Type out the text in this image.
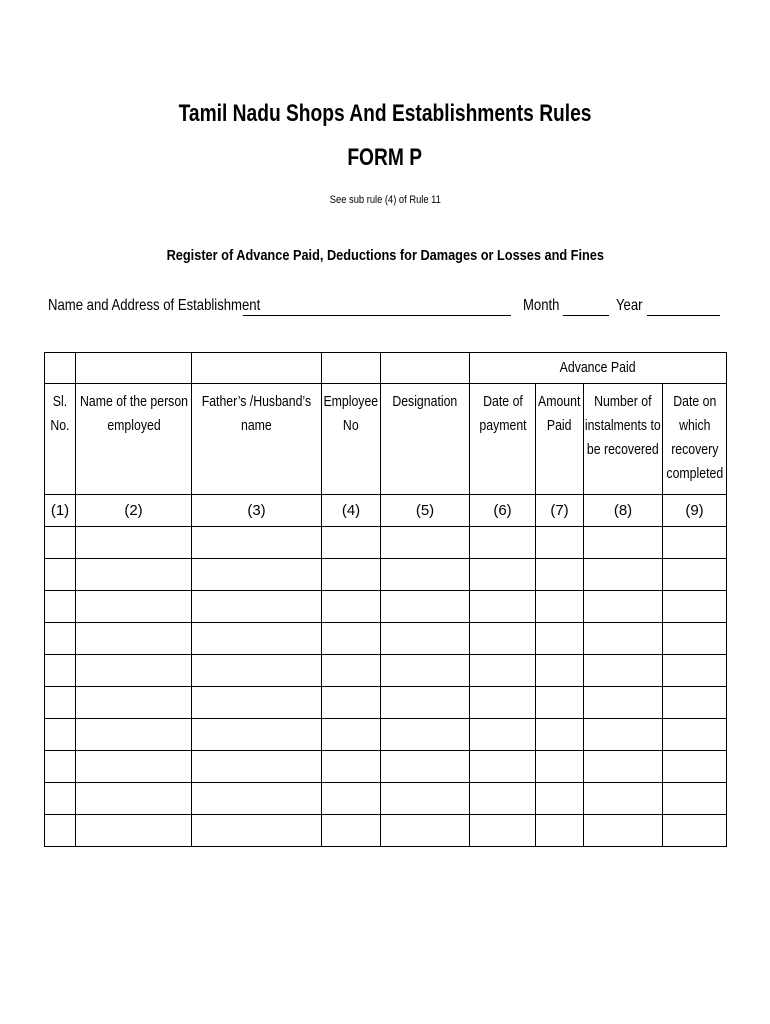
Tamil Nadu Shops And Establishments Rules
FORM P
See sub rule (4) of Rule 11
Register of Advance Paid, Deductions for Damages or Losses and Fines
Name and Address of Establishment	Month	Year
					Advance Paid			
Sl. No.	Name of the person employed	Father’s /Husband’s name	Employee No	Designation	Date of payment	Amount Paid	Number of instalments to be recovered	Date on which recovery completed
(1)	(2)	(3)	(4)	(5)	(6)	(7)	(8)	(9)
